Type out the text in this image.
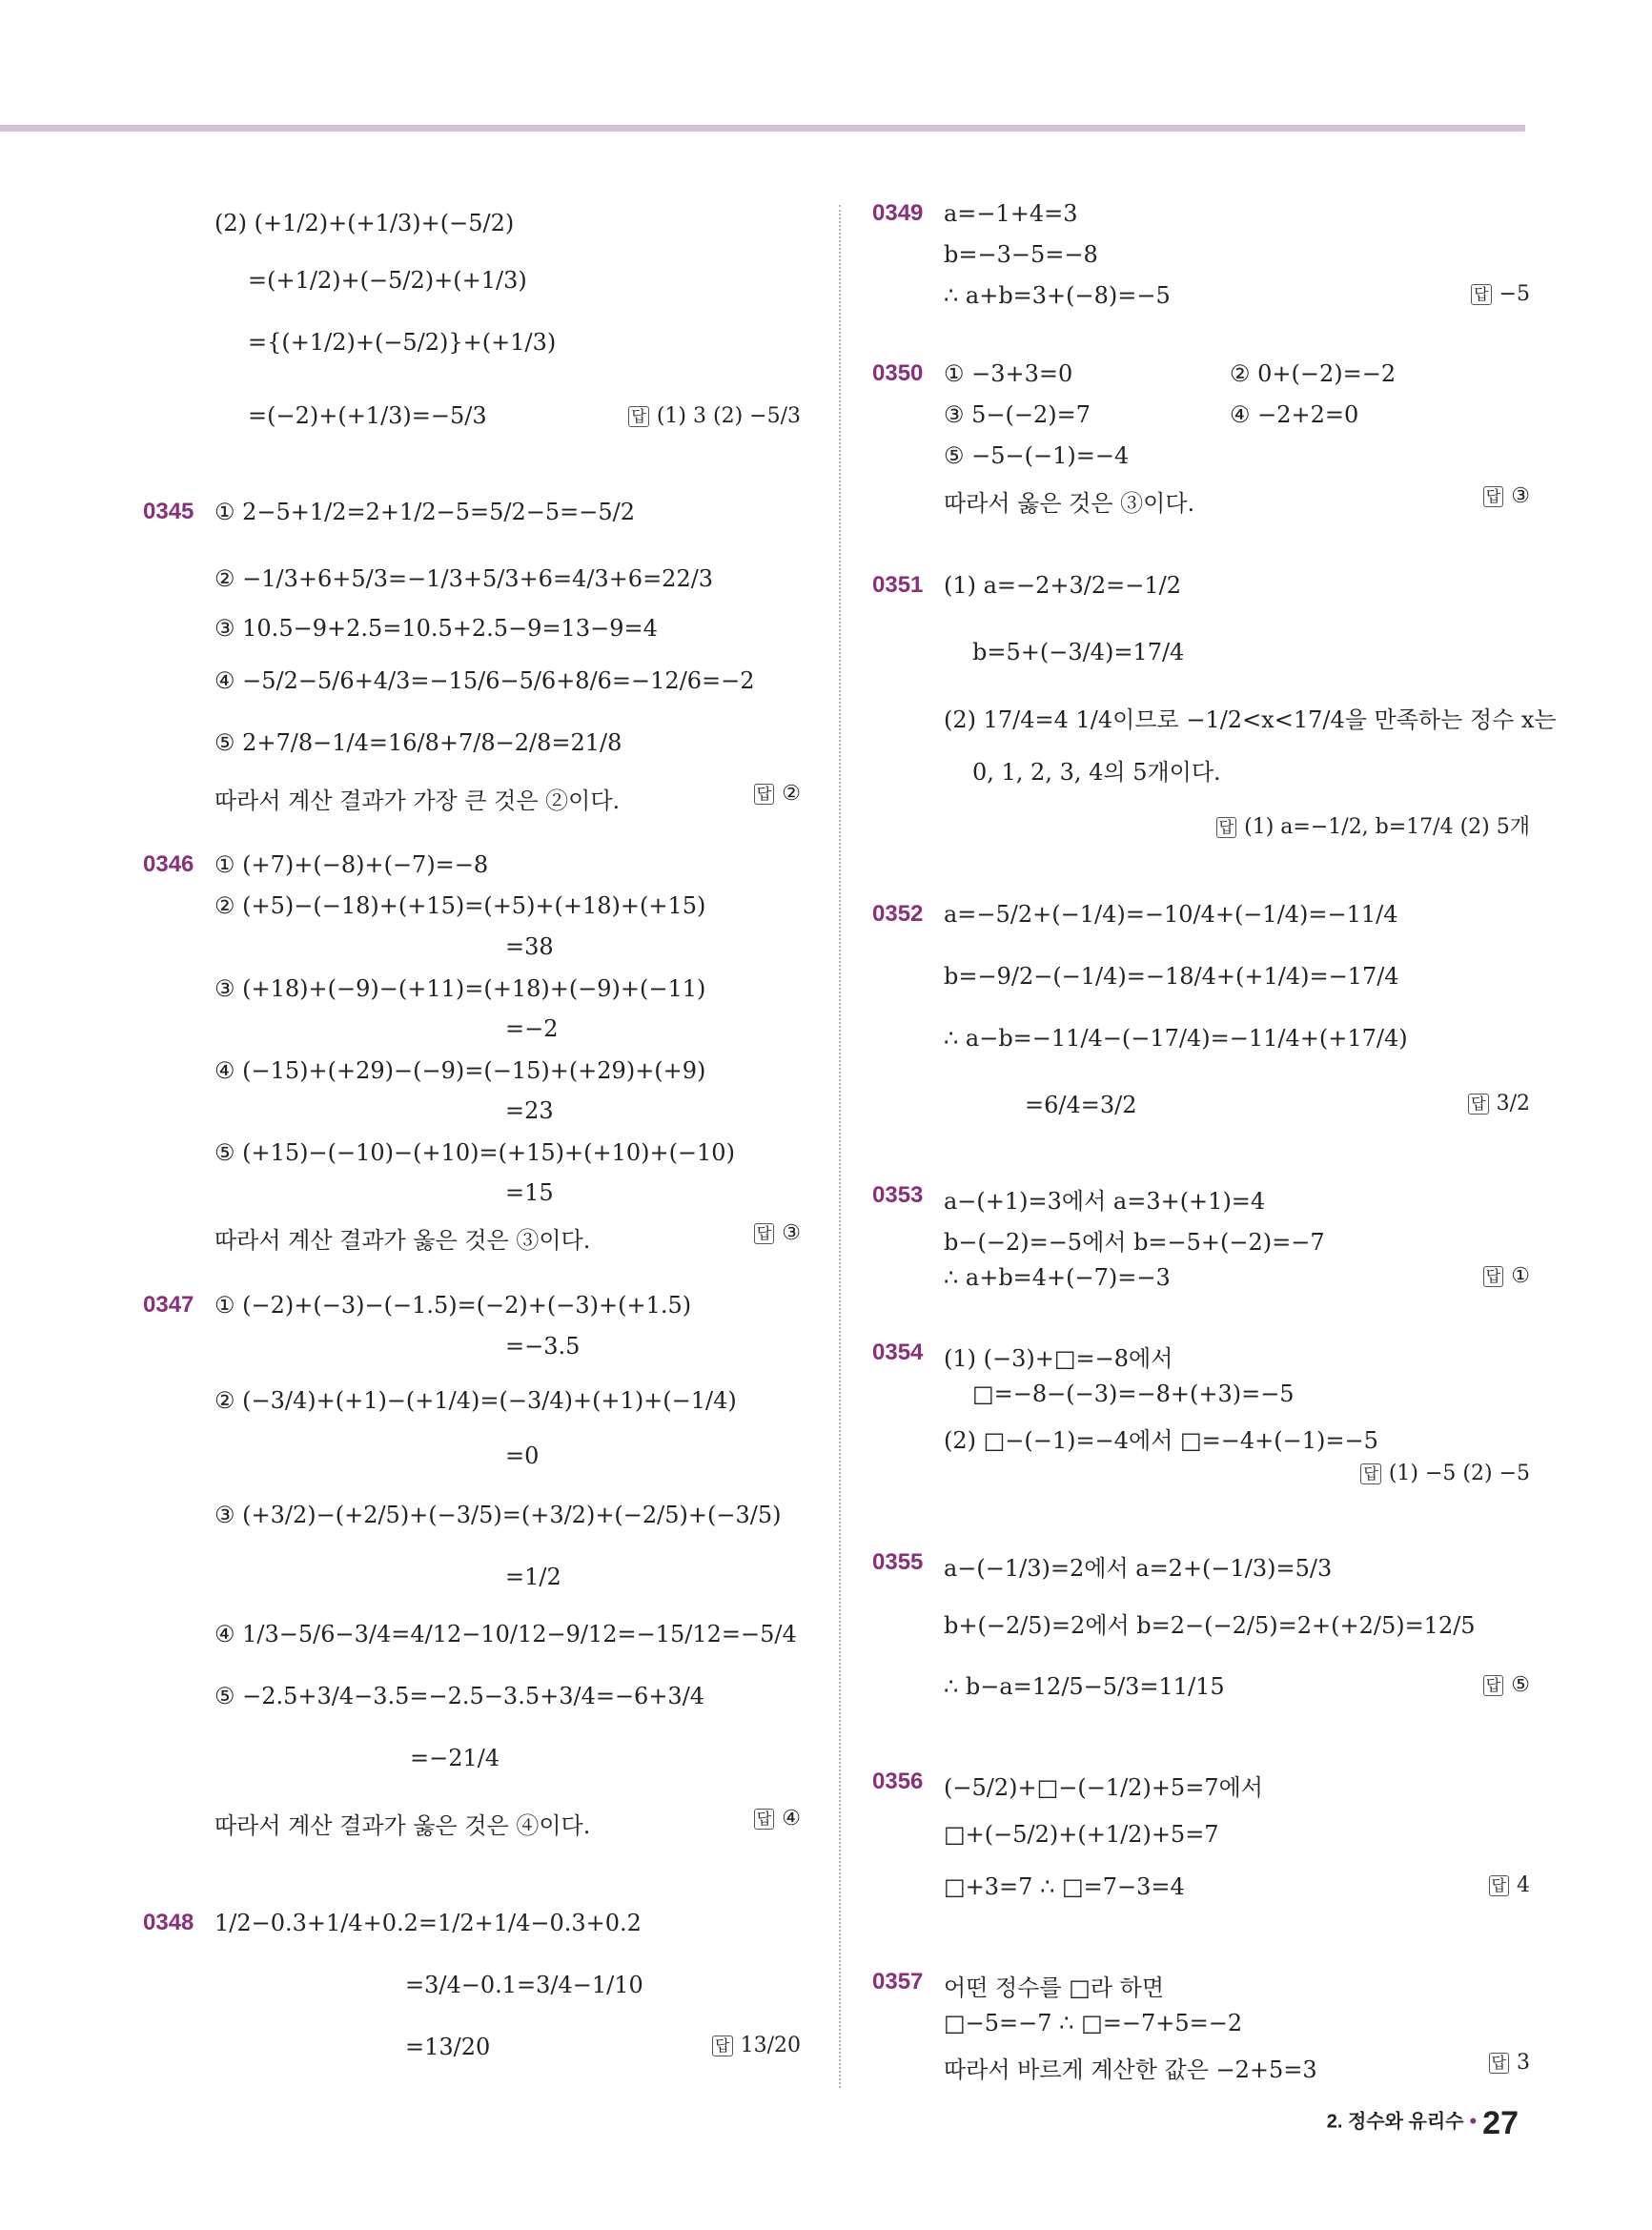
(2) (+1/2)+(+1/3)+(−5/2)
=(+1/2)+(−5/2)+(+1/3)
={(+1/2)+(−5/2)}+(+1/3)
=(−2)+(+1/3)=−5/3	답 (1) 3 (2) −5/3
0345 ① 2−5+1/2=2+1/2−5=5/2−5=−5/2
② −1/3+6+5/3=−1/3+5/3+6=4/3+6=22/3
③ 10.5−9+2.5=10.5+2.5−9=13−9=4
④ −5/2−5/6+4/3=−15/6−5/6+8/6=−12/6=−2
⑤ 2+7/8−1/4=16/8+7/8−2/8=21/8
따라서 계산 결과가 가장 큰 것은 ②이다.	답 ②
0346 ① (+7)+(−8)+(−7)=−8
② (+5)−(−18)+(+15)=(+5)+(+18)+(+15)
=38
③ (+18)+(−9)−(+11)=(+18)+(−9)+(−11)
=−2
④ (−15)+(+29)−(−9)=(−15)+(+29)+(+9)
=23
⑤ (+15)−(−10)−(+10)=(+15)+(+10)+(−10)
=15
따라서 계산 결과가 옳은 것은 ③이다.	답 ③
0347 ① (−2)+(−3)−(−1.5)=(−2)+(−3)+(+1.5)
=−3.5
② (−3/4)+(+1)−(+1/4)=(−3/4)+(+1)+(−1/4)
=0
③ (+3/2)−(+2/5)+(−3/5)=(+3/2)+(−2/5)+(−3/5)
=1/2
④ 1/3−5/6−3/4=4/12−10/12−9/12=−15/12=−5/4
⑤ −2.5+3/4−3.5=−2.5−3.5+3/4=−6+3/4
=−21/4
따라서 계산 결과가 옳은 것은 ④이다.	답 ④
0348 1/2−0.3+1/4+0.2=1/2+1/4−0.3+0.2
=3/4−0.1=3/4−1/10
=13/20	답 13/20
0349 a=−1+4=3
b=−3−5=−8
∴ a+b=3+(−8)=−5	답 −5
0350 ① −3+3=0	② 0+(−2)=−2
③ 5−(−2)=7	④ −2+2=0
⑤ −5−(−1)=−4
따라서 옳은 것은 ③이다.	답 ③
0351 (1) a=−2+3/2=−1/2
b=5+(−3/4)=17/4
(2) 17/4=4 1/4이므로 −1/2<x<17/4을 만족하는 정수 x는
0, 1, 2, 3, 4의 5개이다.
답 (1) a=−1/2, b=17/4 (2) 5개
0352 a=−5/2+(−1/4)=−10/4+(−1/4)=−11/4
b=−9/2−(−1/4)=−18/4+(+1/4)=−17/4
∴ a−b=−11/4−(−17/4)=−11/4+(+17/4)
=6/4=3/2	답 3/2
0353 a−(+1)=3에서 a=3+(+1)=4
b−(−2)=−5에서 b=−5+(−2)=−7
∴ a+b=4+(−7)=−3	답 ①
0354 (1) (−3)+□=−8에서
□=−8−(−3)=−8+(+3)=−5
(2) □−(−1)=−4에서 □=−4+(−1)=−5
답 (1) −5 (2) −5
0355 a−(−1/3)=2에서 a=2+(−1/3)=5/3
b+(−2/5)=2에서 b=2−(−2/5)=2+(+2/5)=12/5
∴ b−a=12/5−5/3=11/15	답 ⑤
0356 (−5/2)+□−(−1/2)+5=7에서
□+(−5/2)+(+1/2)+5=7
□+3=7 ∴ □=7−3=4	답 4
0357 어떤 정수를 □라 하면
□−5=−7 ∴ □=−7+5=−2
따라서 바르게 계산한 값은 −2+5=3	답 3
2. 정수와 유리수 • 27
